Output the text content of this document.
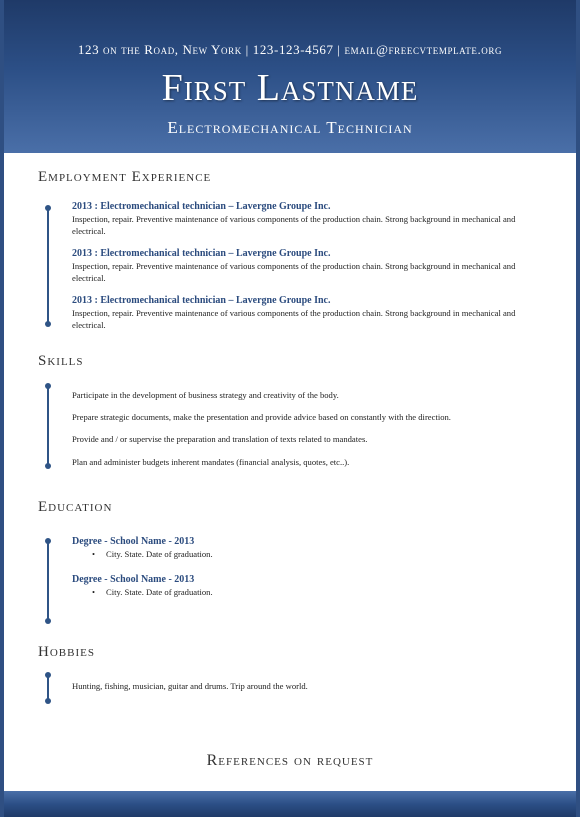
123 on the Road, New York | 123-123-4567 | email@freecvtemplate.org
First Lastname
Electromechanical Technician
Employment Experience
2013 : Electromechanical technician – Lavergne Groupe Inc.
Inspection, repair. Preventive maintenance of various components of the production chain. Strong background in mechanical and electrical.
2013 : Electromechanical technician – Lavergne Groupe Inc.
Inspection, repair. Preventive maintenance of various components of the production chain. Strong background in mechanical and electrical.
2013 : Electromechanical technician – Lavergne Groupe Inc.
Inspection, repair. Preventive maintenance of various components of the production chain. Strong background in mechanical and electrical.
Skills
Participate in the development of business strategy and creativity of the body.
Prepare strategic documents, make the presentation and provide advice based on constantly with the direction.
Provide and / or supervise the preparation and translation of texts related to mandates.
Plan and administer budgets inherent mandates (financial analysis, quotes, etc..).
Education
Degree - School Name - 2013
• City. State. Date of graduation.
Degree - School Name - 2013
• City. State. Date of graduation.
Hobbies
Hunting, fishing, musician, guitar and drums. Trip around the world.
References on request
